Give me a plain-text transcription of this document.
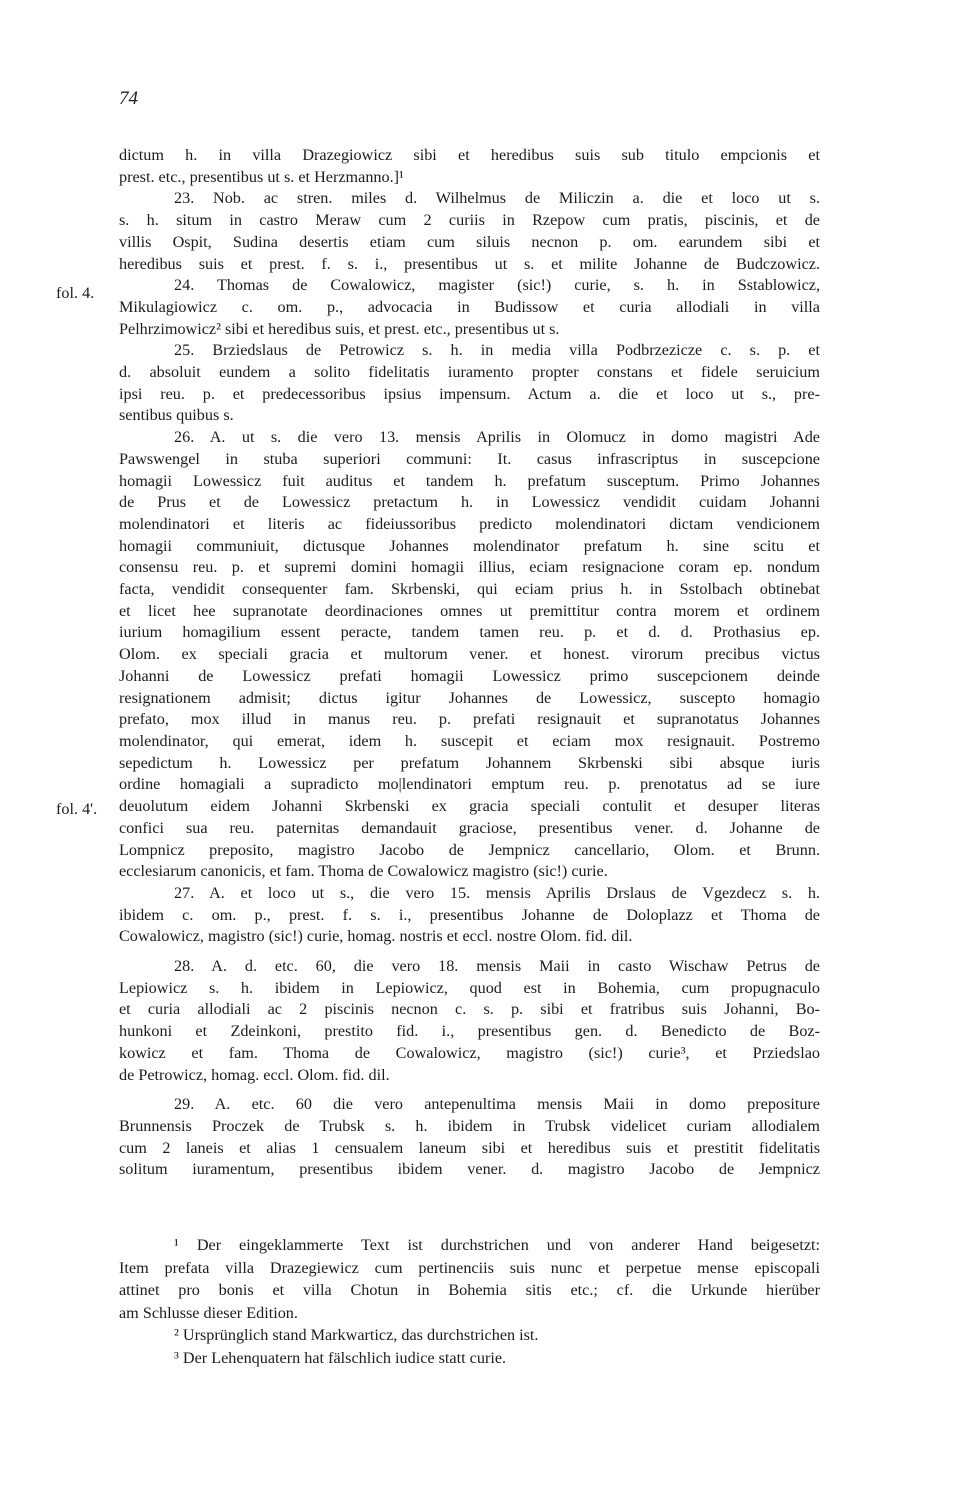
74
fol. 4.
fol. 4'.
dictum h. in villa Drazegiowicz sibi et heredibus suis sub titulo empcionis et
prest. etc., presentibus ut s. et Herzmanno.]¹
23. Nob. ac stren. miles d. Wilhelmus de Miliczin a. die et loco ut s.
s. h. situm in castro Meraw cum 2 curiis in Rzepow cum pratis, piscinis, et de
villis Ospit, Sudina desertis etiam cum siluis necnon p. om. earundem sibi et
heredibus suis et prest. f. s. i., presentibus ut s. et milite Johanne de Budczowicz.
24. Thomas de Cowalowicz, magister (sic!) curie, s. h. in Sstablowicz,
Mikulagiowicz c. om. p., advocacia in Budissow et curia allodiali in villa
Pelhrzimowicz² sibi et heredibus suis, et prest. etc., presentibus ut s.
25. Brziedslaus de Petrowicz s. h. in media villa Podbrzezicze c. s. p. et
d. absoluit eundem a solito fidelitatis iuramento propter constans et fidele seruicium
ipsi reu. p. et predecessoribus ipsius impensum. Actum a. die et loco ut s., pre-
sentibus quibus s.
26. A. ut s. die vero 13. mensis Aprilis in Olomucz in domo magistri Ade
Pawswengel in stuba superiori communi: It. casus infrascriptus in suscepcione
homagii Lowessicz fuit auditus et tandem h. prefatum susceptum. Primo Johannes
de Prus et de Lowessicz pretactum h. in Lowessicz vendidit cuidam Johanni
molendinatori et literis ac fideiussoribus predicto molendinatori dictam vendicionem
homagii communiuit, dictusque Johannes molendinator prefatum h. sine scitu et
consensu reu. p. et supremi domini homagii illius, eciam resignacione coram ep. nondum
facta, vendidit consequenter fam. Skrbenski, qui eciam prius h. in Sstolbach obtinebat
et licet hee supranotate deordinaciones omnes ut premittitur contra morem et ordinem
iurium homagilium essent peracte, tandem tamen reu. p. et d. d. Prothasius ep.
Olom. ex speciali gracia et multorum vener. et honest. virorum precibus victus
Johanni de Lowessicz prefati homagii Lowessicz primo suscepcionem deinde
resignationem admisit; dictus igitur Johannes de Lowessicz, suscepto homagio
prefato, mox illud in manus reu. p. prefati resignauit et supranotatus Johannes
molendinator, qui emerat, idem h. suscepit et eciam mox resignauit. Postremo
sepedictum h. Lowessicz per prefatum Johannem Skrbenski sibi absque iuris
ordine homagiali a supradicto mo|lendinatori emptum reu. p. prenotatus ad se iure
deuolutum eidem Johanni Skrbenski ex gracia speciali contulit et desuper literas
confici sua reu. paternitas demandauit graciose, presentibus vener. d. Johanne de
Lompnicz preposito, magistro Jacobo de Jempnicz cancellario, Olom. et Brunn.
ecclesiarum canonicis, et fam. Thoma de Cowalowicz magistro (sic!) curie.
27. A. et loco ut s., die vero 15. mensis Aprilis Drslaus de Vgezdecz s. h.
ibidem c. om. p., prest. f. s. i., presentibus Johanne de Doloplazz et Thoma de
Cowalowicz, magistro (sic!) curie, homag. nostris et eccl. nostre Olom. fid. dil.
28. A. d. etc. 60, die vero 18. mensis Maii in casto Wischaw Petrus de
Lepiowicz s. h. ibidem in Lepiowicz, quod est in Bohemia, cum propugnaculo
et curia allodiali ac 2 piscinis necnon c. s. p. sibi et fratribus suis Johanni, Bo-
hunkoni et Zdeinkoni, prestito fid. i., presentibus gen. d. Benedicto de Boz-
kowicz et fam. Thoma de Cowalowicz, magistro (sic!) curie³, et Prziedslao
de Petrowicz, homag. eccl. Olom. fid. dil.
29. A. etc. 60 die vero antepenultima mensis Maii in domo prepositure
Brunnensis Proczek de Trubsk s. h. ibidem in Trubsk videlicet curiam allodialem
cum 2 laneis et alias 1 censualem laneum sibi et heredibus suis et prestitit fidelitatis
solitum iuramentum, presentibus ibidem vener. d. magistro Jacobo de Jempnicz
¹ Der eingeklammerte Text ist durchstrichen und von anderer Hand beigesetzt:
Item prefata villa Drazegiewicz cum pertinenciis suis nunc et perpetue mense episcopali
attinet pro bonis et villa Chotun in Bohemia sitis etc.; cf. die Urkunde hierüber
am Schlusse dieser Edition.
² Ursprünglich stand Markwarticz, das durchstrichen ist.
³ Der Lehenquatern hat fälschlich iudice statt curie.
